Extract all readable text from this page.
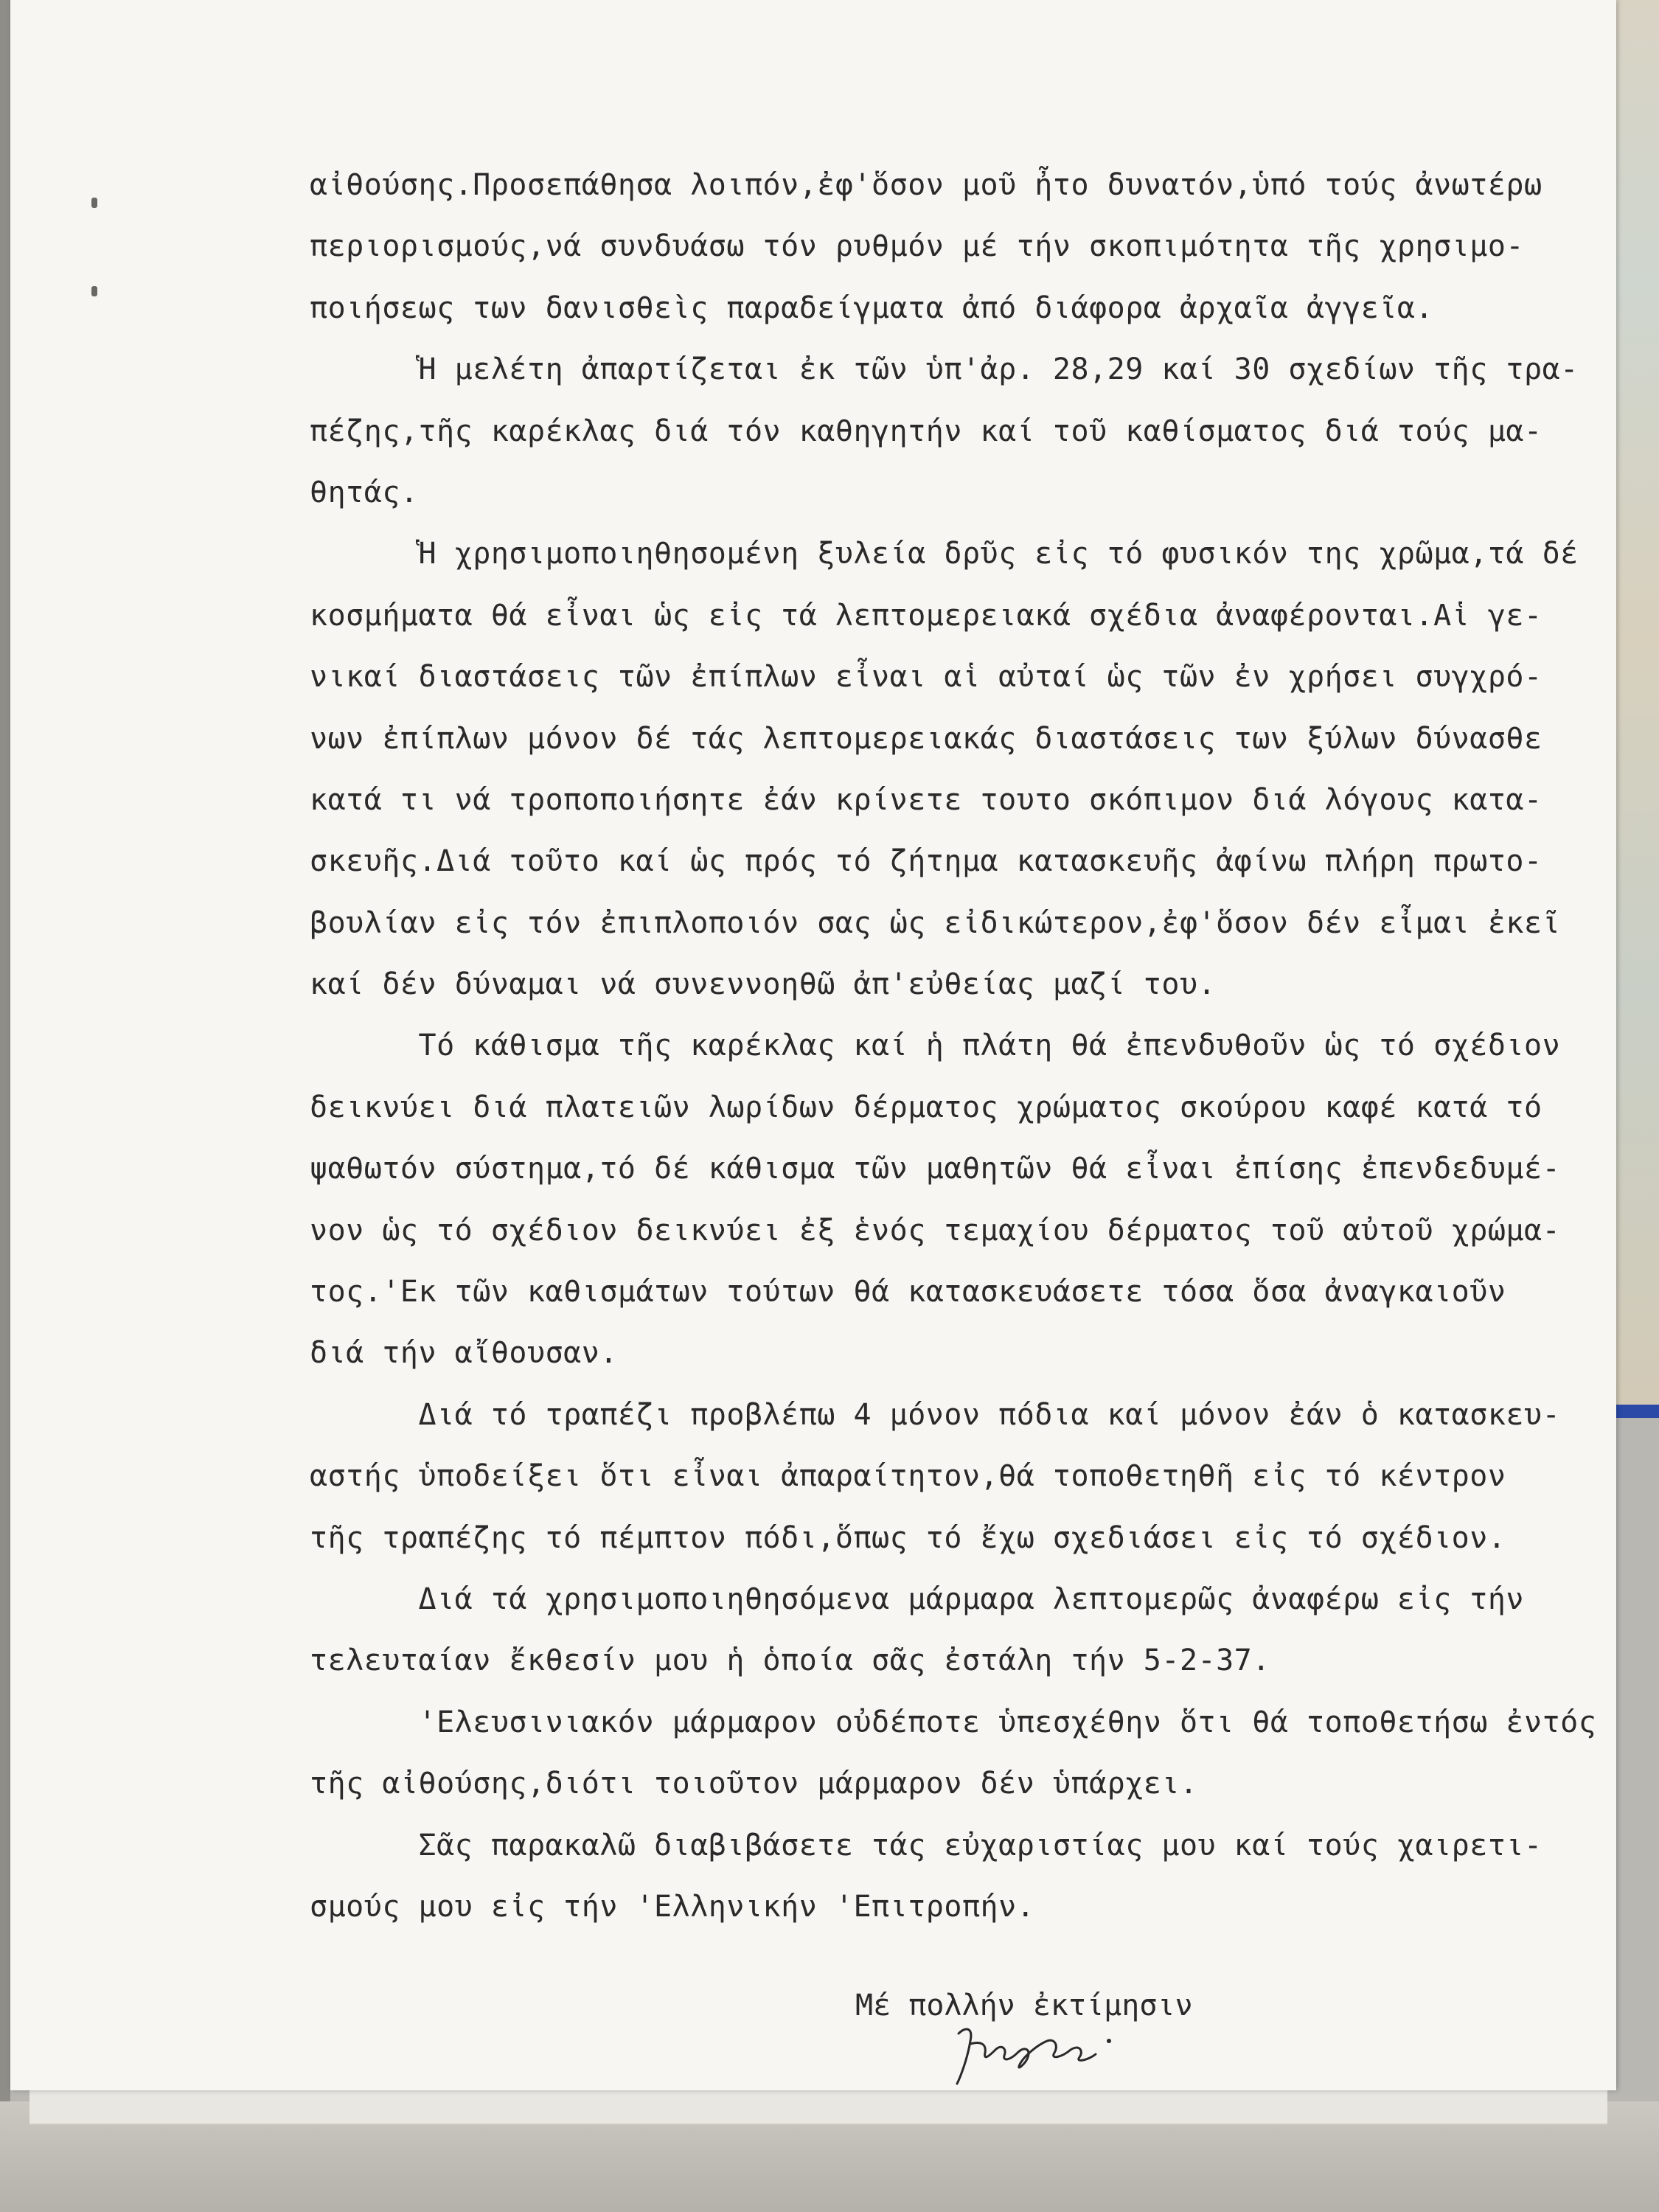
αἰθούσης.Προσεπάθησα λοιπόν,ἐφ'ὅσον μοῦ ἦτο δυνατόν,ὑπό τούς ἀνωτέρω
περιορισμούς,νά συνδυάσω τόν ρυθμόν μέ τήν σκοπιμότητα τῆς χρησιμο-
ποιήσεως των δανισθεὶς παραδείγματα ἀπό διάφορα ἀρχαῖα ἀγγεῖα.
Ἡ μελέτη ἀπαρτίζεται ἐκ τῶν ὑπ'ἀρ. 28,29 καί 30 σχεδίων τῆς τρα-
πέζης,τῆς καρέκλας διά τόν καθηγητήν καί τοῦ καθίσματος διά τούς μα-
θητάς.
Ἡ χρησιμοποιηθησομένη ξυλεία δρῦς εἰς τό φυσικόν της χρῶμα,τά δέ
κοσμήματα θά εἶναι ὡς εἰς τά λεπτομερειακά σχέδια ἀναφέρονται.Αἱ γε-
νικαί διαστάσεις τῶν ἐπίπλων εἶναι αἱ αὐταί ὡς τῶν ἐν χρήσει συγχρό-
νων ἐπίπλων μόνον δέ τάς λεπτομερειακάς διαστάσεις των ξύλων δύνασθε
κατά τι νά τροποποιήσητε ἐάν κρίνετε τουτο σκόπιμον διά λόγους κατα-
σκευῆς.Διά τοῦτο καί ὡς πρός τό ζήτημα κατασκευῆς ἀφίνω πλήρη πρωτο-
βουλίαν εἰς τόν ἐπιπλοποιόν σας ὡς εἰδικώτερον,ἐφ'ὅσον δέν εἶμαι ἐκεῖ
καί δέν δύναμαι νά συνεννοηθῶ ἀπ'εὐθείας μαζί του.
Τό κάθισμα τῆς καρέκλας καί ἡ πλάτη θά ἐπενδυθοῦν ὡς τό σχέδιον
δεικνύει διά πλατειῶν λωρίδων δέρματος χρώματος σκούρου καφέ κατά τό
ψαθωτόν σύστημα,τό δέ κάθισμα τῶν μαθητῶν θά εἶναι ἐπίσης ἐπενδεδυμέ-
νον ὡς τό σχέδιον δεικνύει ἐξ ἑνός τεμαχίου δέρματος τοῦ αὐτοῦ χρώμα-
τος.'Εκ τῶν καθισμάτων τούτων θά κατασκευάσετε τόσα ὅσα ἀναγκαιοῦν
διά τήν αἴθουσαν.
Διά τό τραπέζι προβλέπω 4 μόνον πόδια καί μόνον ἐάν ὁ κατασκευ-
αστής ὑποδείξει ὅτι εἶναι ἀπαραίτητον,θά τοποθετηθῆ εἰς τό κέντρον
τῆς τραπέζης τό πέμπτον πόδι,ὅπως τό ἔχω σχεδιάσει εἰς τό σχέδιον.
Διά τά χρησιμοποιηθησόμενα μάρμαρα λεπτομερῶς ἀναφέρω εἰς τήν
τελευταίαν ἔκθεσίν μου ἡ ὁποία σᾶς ἐστάλη τήν 5-2-37.
'Ελευσινιακόν μάρμαρον οὐδέποτε ὑπεσχέθην ὅτι θά τοποθετήσω ἐντός
τῆς αἰθούσης,διότι τοιοῦτον μάρμαρον δέν ὑπάρχει.
Σᾶς παρακαλῶ διαβιβάσετε τάς εὐχαριστίας μου καί τούς χαιρετι-
σμούς μου εἰς τήν 'Ελληνικήν 'Επιτροπήν.
Μέ πολλήν ἐκτίμησιν
